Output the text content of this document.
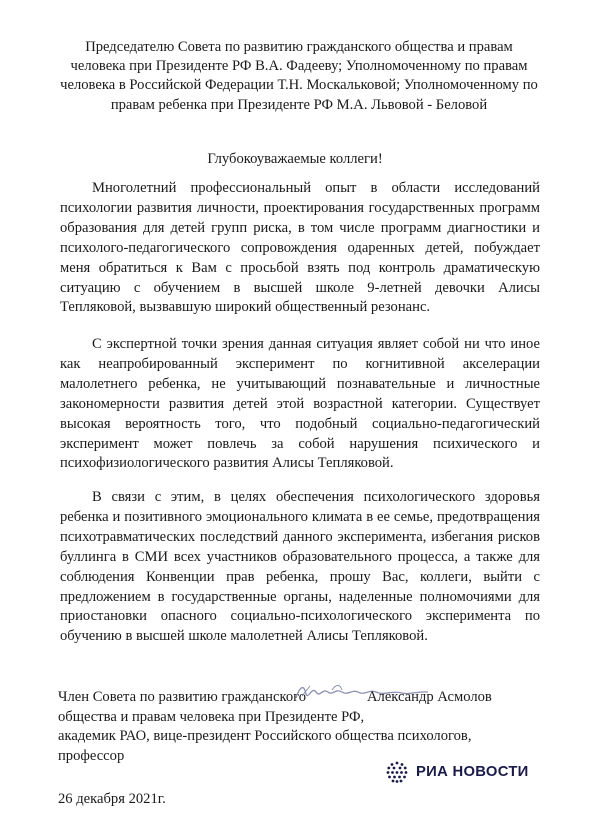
Председателю Совета по развитию гражданского общества и правам человека при Президенте РФ В.А. Фадееву; Уполномоченному по правам человека в Российской Федерации Т.Н. Москальковой; Уполномоченному по правам ребенка при Президенте РФ М.А. Львовой - Беловой
Глубокоуважаемые коллеги!

Многолетний профессиональный опыт в области исследований психологии развития личности, проектирования государственных программ образования для детей групп риска, в том числе программ диагностики и психолого-педагогического сопровождения одаренных детей, побуждает меня обратиться к Вам с просьбой взять под контроль драматическую ситуацию с обучением в высшей школе 9-летней девочки Алисы Тепляковой, вызвавшую широкий общественный резонанс.

С экспертной точки зрения данная ситуация являет собой ни что иное как неапробированный эксперимент по когнитивной акселерации малолетнего ребенка, не учитывающий познавательные и личностные закономерности развития детей этой возрастной категории. Существует высокая вероятность того, что подобный социально-педагогический эксперимент может повлечь за собой нарушения психического и психофизиологического развития Алисы Тепляковой.

В связи с этим, в целях обеспечения психологического здоровья ребенка и позитивного эмоционального климата в ее семье, предотвращения психотравматических последствий данного эксперимента, избегания рисков буллинга в СМИ всех участников образовательного процесса, а также для соблюдения Конвенции прав ребенка, прошу Вас, коллеги, выйти с предложением в государственные органы, наделенные полномочиями для приостановки опасного социально-психологического эксперимента по обучению в высшей школе малолетней Алисы Тепляковой.

Член Совета по развитию гражданского
общества и правам человека при Президенте РФ,
академик РАО, вице-президент Российского общества психологов,
профессор
Александр Асмолов
РИА НОВОСТИ
26 декабря 2021г.
